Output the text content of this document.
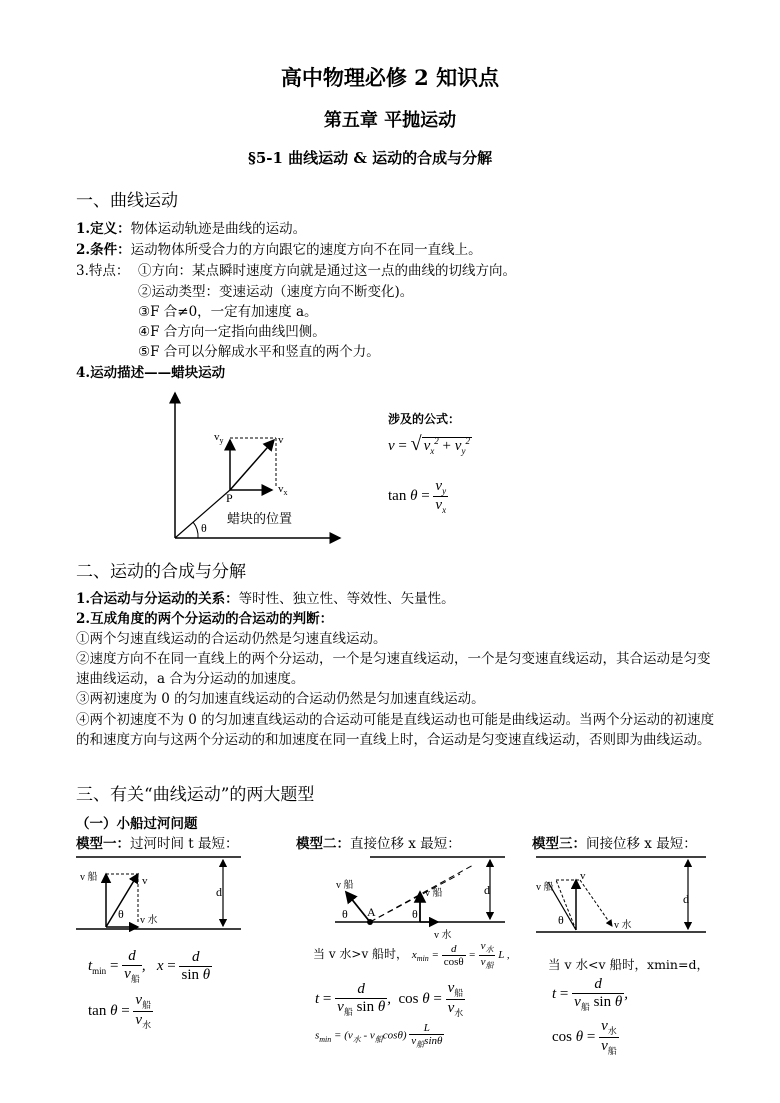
高中物理必修 2 知识点
第五章 平抛运动
§5-1 曲线运动 & 运动的合成与分解
一、曲线运动
1.定义：物体运动轨迹是曲线的运动。
2.条件：运动物体所受合力的方向跟它的速度方向不在同一直线上。
3.特点： ①方向：某点瞬时速度方向就是通过这一点的曲线的切线方向。
②运动类型：变速运动（速度方向不断变化)。
③F 合≠0，一定有加速度 a。
④F 合方向一定指向曲线凹侧。
⑤F 合可以分解成水平和竖直的两个力。
4.运动描述——蜡块运动
$v_y$	v
$v_x$
P
θ
蜡块的位置
涉及的公式：
v = √ $v_x^2 + v_y^2$
$\tan \theta = \frac{v_y}{v_x}$
二、运动的合成与分解
1.合运动与分运动的关系：等时性、独立性、等效性、矢量性。
2.互成角度的两个分运动的合运动的判断：
①两个匀速直线运动的合运动仍然是匀速直线运动。
②速度方向不在同一直线上的两个分运动，一个是匀速直线运动，一个是匀变速直线运动，其合运动是匀变速曲线运动，a 合为分运动的加速度。
③两初速度为 0 的匀加速直线运动的合运动仍然是匀加速直线运动。
④两个初速度不为 0 的匀加速直线运动的合运动可能是直线运动也可能是曲线运动。当两个分运动的初速度的和速度方向与这两个分运动的和加速度在同一直线上时，合运动是匀变速直线运动，否则即为曲线运动。
三、有关“曲线运动”的两大题型
（一）小船过河问题
模型一：过河时间 t 最短：	模型二：直接位移 x 最短：	模型三：间接位移 x 最短：
v 船	v
v 水
θ
d	v 船
v 船
v 水
θ	θ
A
d	v 船
v
v 水
θ
d
$t_{min} = \frac{d}{v_船}$ ,   $x = \frac{d}{\text{sin θ}}$
$\tan \theta = \frac{v_船}{v_水}$
当 v 水>v 船时， $x_{min} = \frac{d}{\cos\theta} = \frac{v_水}{v_船}$ L ,
$t = \frac{d}{v_船 \sin \theta}$ ,  $\cos \theta = \frac{v_船}{v_水}$
$s_{min} = (v_水 - v_船\cos\theta) \frac{L}{v_船\sin\theta}$
当 v 水<v 船时，xmin=d，
$t = \frac{d}{v_船 \sin \theta}$ ,
$\cos \theta = \frac{v_水}{v_船}$
